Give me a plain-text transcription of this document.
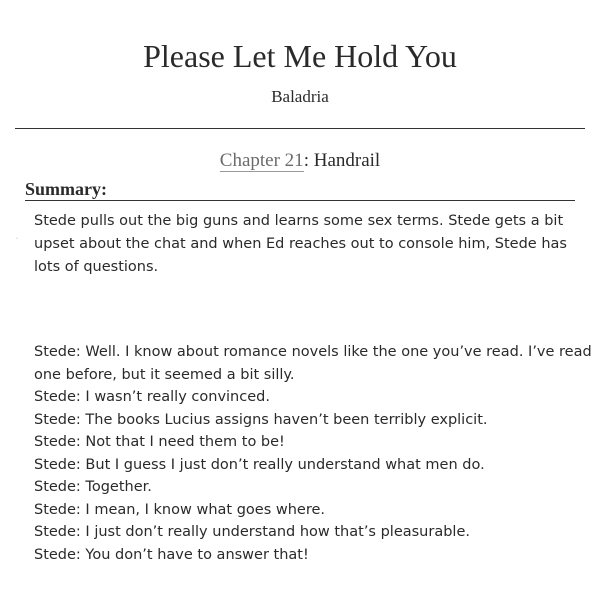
Please Let Me Hold You
Baladria
Chapter 21: Handrail
Summary:
·
Stede pulls out the big guns and learns some sex terms. Stede gets a bit upset about the chat and when Ed reaches out to console him, Stede has lots of questions.

Stede: Well. I know about romance novels like the one you’ve read. I’ve read one before, but it seemed a bit silly.

Stede: I wasn’t really convinced.

Stede: The books Lucius assigns haven’t been terribly explicit.

Stede: Not that I need them to be!

Stede: But I guess I just don’t really understand what men do.

Stede: Together.

Stede: I mean, I know what goes where.

Stede: I just don’t really understand how that’s pleasurable.

Stede: You don’t have to answer that!
